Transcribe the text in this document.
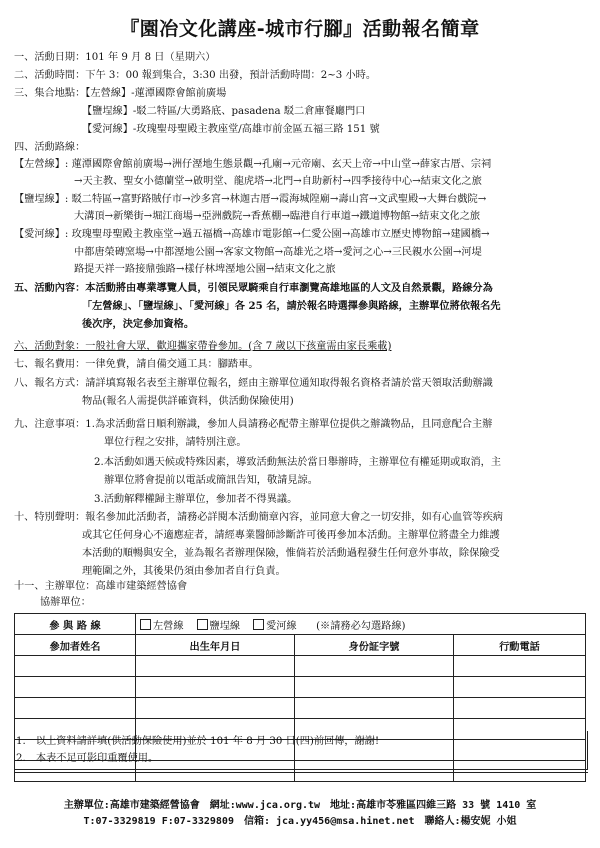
『園冶文化講座-城市行腳』活動報名簡章
一、活動日期：101 年 9 月 8 日（星期六）
二、活動時間：下午 3：00 報到集合，3:30 出發，預計活動時間：2~3 小時。
三、集合地點：【左營線】-蓮潭國際會館前廣場
【鹽埕線】-駁二特區/大勇路底、pasadena 駁二倉庫餐廳門口
【愛河線】-玫瑰聖母聖殿主教座堂/高雄市前金區五福三路 151 號
四、活動路線：
【左營線】: 蓮潭國際會館前廣場→洲仔溼地生態景觀→孔廟→元帝廟、玄天上帝→中山堂→薛家古厝、宗祠
→天主教、聖女小德蘭堂→啟明堂、龍虎塔→北門→自助新村→四季接待中心→結束文化之旅
【鹽埕線】: 駁二特區→富野路賊仔市→沙多宮→林迦古厝→霞海城隍廟→壽山宮→文武聖殿→大舞台戲院→
大溝頂→新樂街→堀江商場→亞洲戲院→香蕉棚→臨港自行車道→鐵道博物館→結束文化之旅
【愛河線】: 玫瑰聖母聖殿主教座堂→過五福橋→高雄市電影館→仁愛公園→高雄市立歷史博物館→建國橋→
中都唐榮磚窯場→中都溼地公園→客家文物館→高雄光之塔→愛河之心→三民親水公園→河堤
路提天祥一路接鼎強路→樣仔林埤溼地公園→結束文化之旅
五、活動內容：本活動將由專業導覽人員，引領民眾騎乘自行車瀏覽高雄地區的人文及自然景觀，路線分為
「左營線」、「鹽埕線」、「愛河線」各 25 名，請於報名時選擇參與路線，主辦單位將依報名先
後次序，決定參加資格。
六、活動對象：一般社會大眾，歡迎攜家帶眷參加。(含 7 歲以下孩童需由家長乘載)
七、報名費用：一律免費，請自備交通工具：腳踏車。
八、報名方式：請詳填寫報名表至主辦單位報名，經由主辦單位通知取得報名資格者請於當天領取活動辦識
物品(報名人需提供詳確資料，供活動保險使用)
九、注意事項：1.為求活動當日順利辦識，參加人員請務必配帶主辦單位提供之辦識物品，且同意配合主辦
單位行程之安排，請特別注意。
2.本活動如遇天候或特殊因素，導致活動無法於當日舉辦時，主辦單位有權延期或取消，主
辦單位將會提前以電話或簡訊告知，敬請見諒。
3.活動解釋權歸主辦單位，參加者不得異議。
十、特別聲明：報名參加此活動者，請務必詳閱本活動簡章內容，並同意大會之一切安排，如有心血管等疾病
或其它任何身心不適應症者，請經專業醫師診斷許可後再參加本活動。主辦單位將盡全力維護
本活動的順暢與安全，並為報名者辦理保險，惟倘若於活動過程發生任何意外事故，除保險受
理範圍之外，其後果仍須由參加者自行負責。
十一、主辦單位：高雄市建築經營協會
協辦單位：
參 與 路 線	左營線 鹽埕線 愛河線 (※請務必勾選路線)		
參加者姓名	出生年月日	身份証字號	行動電話

1.　以上資料請詳填(供活動保險使用)並於 101 年 8 月 30 日(四)前回傳，謝謝!
2.　本表不足可影印重覆使用。
主辦單位:高雄市建築經營協會　網址:www.jca.org.tw　地址:高雄市苓雅區四維三路 33 號 1410 室
T:07-3329819 F:07-3329809　信箱: jca.yy456@msa.hinet.net　聯絡人:楊安妮 小姐
